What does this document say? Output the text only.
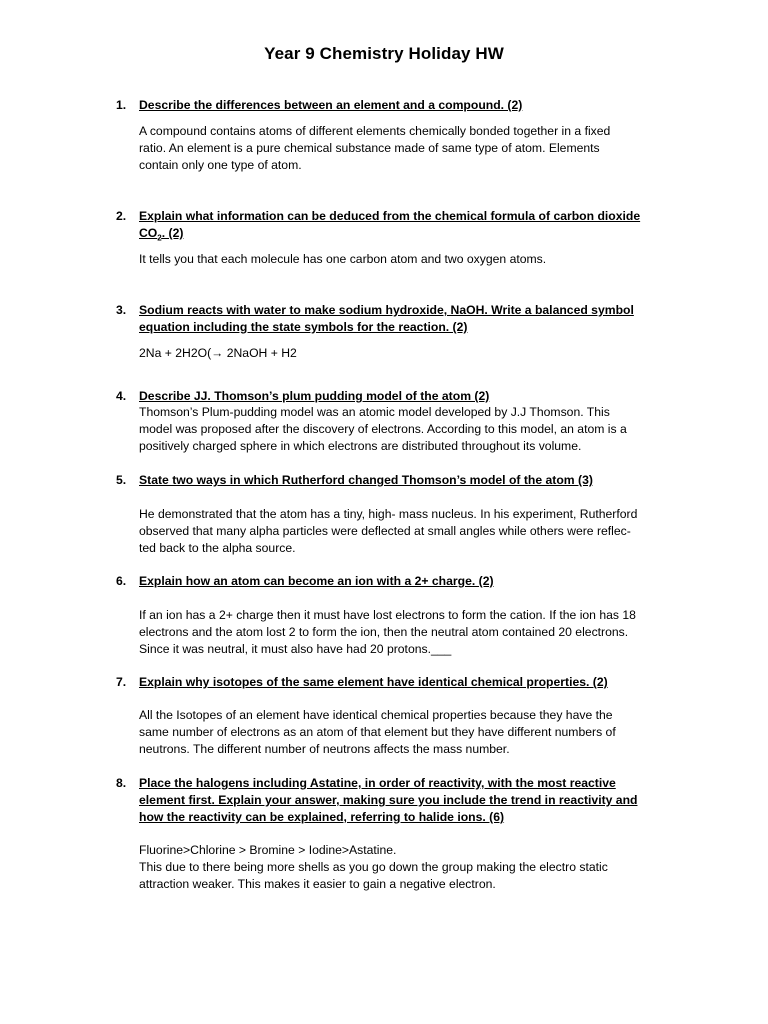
Year 9 Chemistry Holiday HW
1. Describe the differences between an element and a compound. (2)
A compound contains atoms of different elements chemically bonded together in a fixed
ratio. An element is a pure chemical substance made of same type of atom. Elements
contain only one type of atom.
2. Explain what information can be deduced from the chemical formula of carbon dioxide
$CO_2$. (2)
It tells you that each molecule has one carbon atom and two oxygen atoms.
3. Sodium reacts with water to make sodium hydroxide, NaOH. Write a balanced symbol
equation including the state symbols for the reaction. (2)
2Na + 2H2O(→ 2NaOH + H2
4. Describe JJ. Thomson’s plum pudding model of the atom (2)
Thomson’s Plum-pudding model was an atomic model developed by J.J Thomson. This
model was proposed after the discovery of electrons. According to this model, an atom is a
positively charged sphere in which electrons are distributed throughout its volume.
5. State two ways in which Rutherford changed Thomson’s model of the atom (3)
He demonstrated that the atom has a tiny, high- mass nucleus. In his experiment, Rutherford
observed that many alpha particles were deflected at small angles while others were reflec-
ted back to the alpha source.
6. Explain how an atom can become an ion with a 2+ charge. (2)
If an ion has a 2+ charge then it must have lost electrons to form the cation. If the ion has 18
electrons and the atom lost 2 to form the ion, then the neutral atom contained 20 electrons.
Since it was neutral, it must also have had 20 protons.___
7. Explain why isotopes of the same element have identical chemical properties. (2)
All the Isotopes of an element have identical chemical properties because they have the
same number of electrons as an atom of that element but they have different numbers of
neutrons. The different number of neutrons affects the mass number.
8. Place the halogens including Astatine, in order of reactivity, with the most reactive
element first. Explain your answer, making sure you include the trend in reactivity and
how the reactivity can be explained, referring to halide ions. (6)
Fluorine>Chlorine > Bromine > Iodine>Astatine.
This due to there being more shells as you go down the group making the electro static
attraction weaker. This makes it easier to gain a negative electron.
